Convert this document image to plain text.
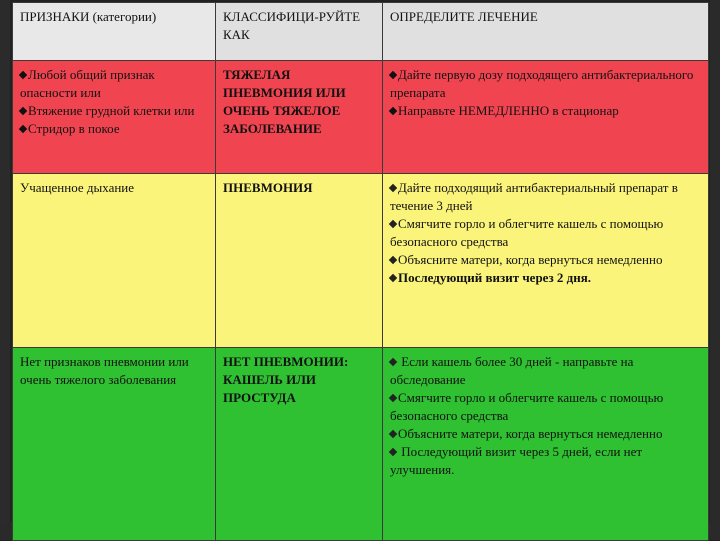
ПРИЗНАКИ (категории)	КЛАССИФИЦИ-РУЙТЕ КАК	ОПРЕДЕЛИТЕ ЛЕЧЕНИЕ

Любой общий признак опасности или
Втяжение грудной клетки или
Стридор в покое	ТЯЖЕЛАЯ ПНЕВМОНИЯ ИЛИ ОЧЕНЬ ТЯЖЕЛОЕ ЗАБОЛЕВАНИЕ	Дайте первую дозу подходящего антибактериального препарата
Направьте НЕМЕДЛЕННО в стационар

Учащенное дыхание	ПНЕВМОНИЯ	Дайте подходящий антибактериальный препарат в течение 3 дней
Смягчите горло и облегчите кашель с помощью безопасного средства
Объясните матери, когда вернуться немедленно
Последующий визит через 2 дня.

Нет признаков пневмонии или очень тяжелого заболевания	НЕТ ПНЕВМОНИИ: КАШЕЛЬ ИЛИ ПРОСТУДА	Если кашель более 30 дней - направьте на обследование
Смягчите горло и облегчите кашель с помощью безопасного средства
Объясните матери, когда вернуться немедленно
Последующий визит через 5 дней, если нет улучшения.
